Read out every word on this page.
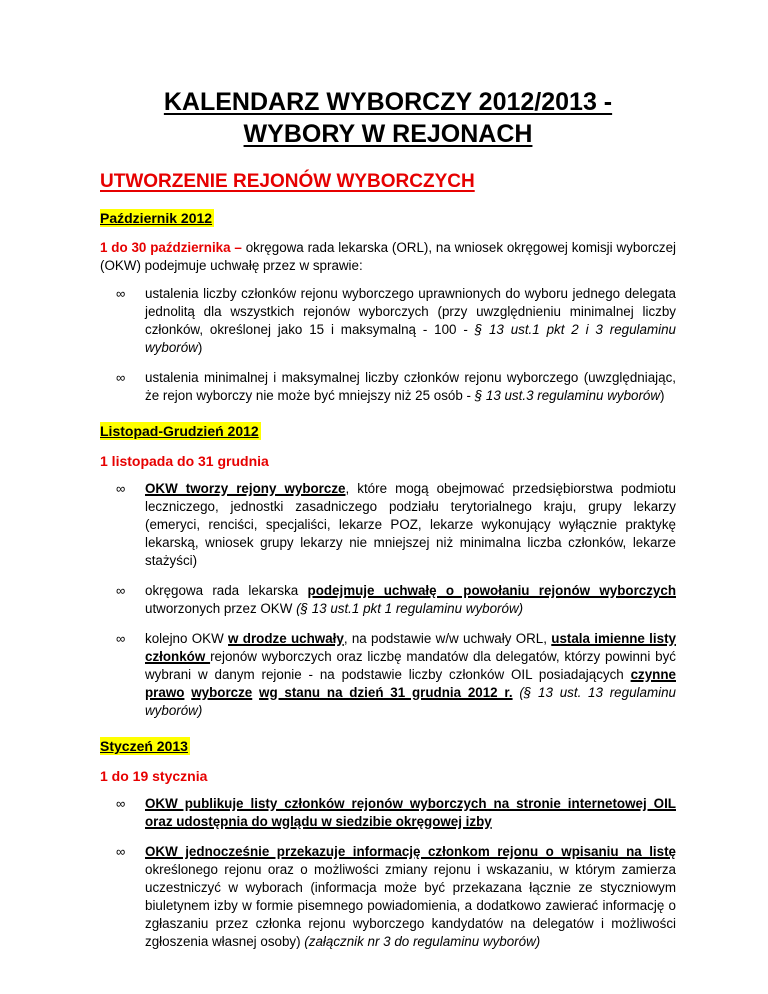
KALENDARZ WYBORCZY 2012/2013 -
WYBORY W REJONACH
UTWORZENIE REJONÓW WYBORCZYCH
Październik 2012

1 do 30 października – okręgowa rada lekarska (ORL), na wniosek okręgowej komisji wyborczej (OKW) podejmuje uchwałę przez w sprawie:

∞ ustalenia liczby członków rejonu wyborczego uprawnionych do wyboru jednego delegata jednolitą dla wszystkich rejonów wyborczych (przy uwzględnieniu minimalnej liczby członków, określonej jako 15 i maksymalną - 100 - § 13 ust.1 pkt 2 i 3 regulaminu wyborów)
∞ ustalenia minimalnej i maksymalnej liczby członków rejonu wyborczego (uwzględniając, że rejon wyborczy nie może być mniejszy niż 25 osób - § 13 ust.3 regulaminu wyborów)
Listopad-Grudzień 2012
1 listopada do 31 grudnia
∞ OKW tworzy rejony wyborcze, które mogą obejmować przedsiębiorstwa podmiotu leczniczego, jednostki zasadniczego podziału terytorialnego kraju, grupy lekarzy (emeryci, renciści, specjaliści, lekarze POZ, lekarze wykonujący wyłącznie praktykę lekarską, wniosek grupy lekarzy nie mniejszej niż minimalna liczba członków, lekarze stażyści)
∞ okręgowa rada lekarska podejmuje uchwałę o powołaniu rejonów wyborczych utworzonych przez OKW (§ 13 ust.1 pkt 1 regulaminu wyborów)
∞ kolejno OKW w drodze uchwały, na podstawie w/w uchwały ORL, ustala imienne listy członków rejonów wyborczych oraz liczbę mandatów dla delegatów, którzy powinni być wybrani w danym rejonie - na podstawie liczby członków OIL posiadających czynne prawo wyborcze wg stanu na dzień 31 grudnia 2012 r. (§ 13 ust. 13 regulaminu wyborów)
Styczeń 2013
1 do 19 stycznia
∞ OKW publikuje listy członków rejonów wyborczych na stronie internetowej OIL oraz udostępnia do wglądu w siedzibie okręgowej izby
∞ OKW jednocześnie przekazuje informację członkom rejonu o wpisaniu na listę określonego rejonu oraz o możliwości zmiany rejonu i wskazaniu, w którym zamierza uczestniczyć w wyborach (informacja może być przekazana łącznie ze styczniowym biuletynem izby w formie pisemnego powiadomienia, a dodatkowo zawierać informację o zgłaszaniu przez członka rejonu wyborczego kandydatów na delegatów i możliwości zgłoszenia własnej osoby) (załącznik nr 3 do regulaminu wyborów)
